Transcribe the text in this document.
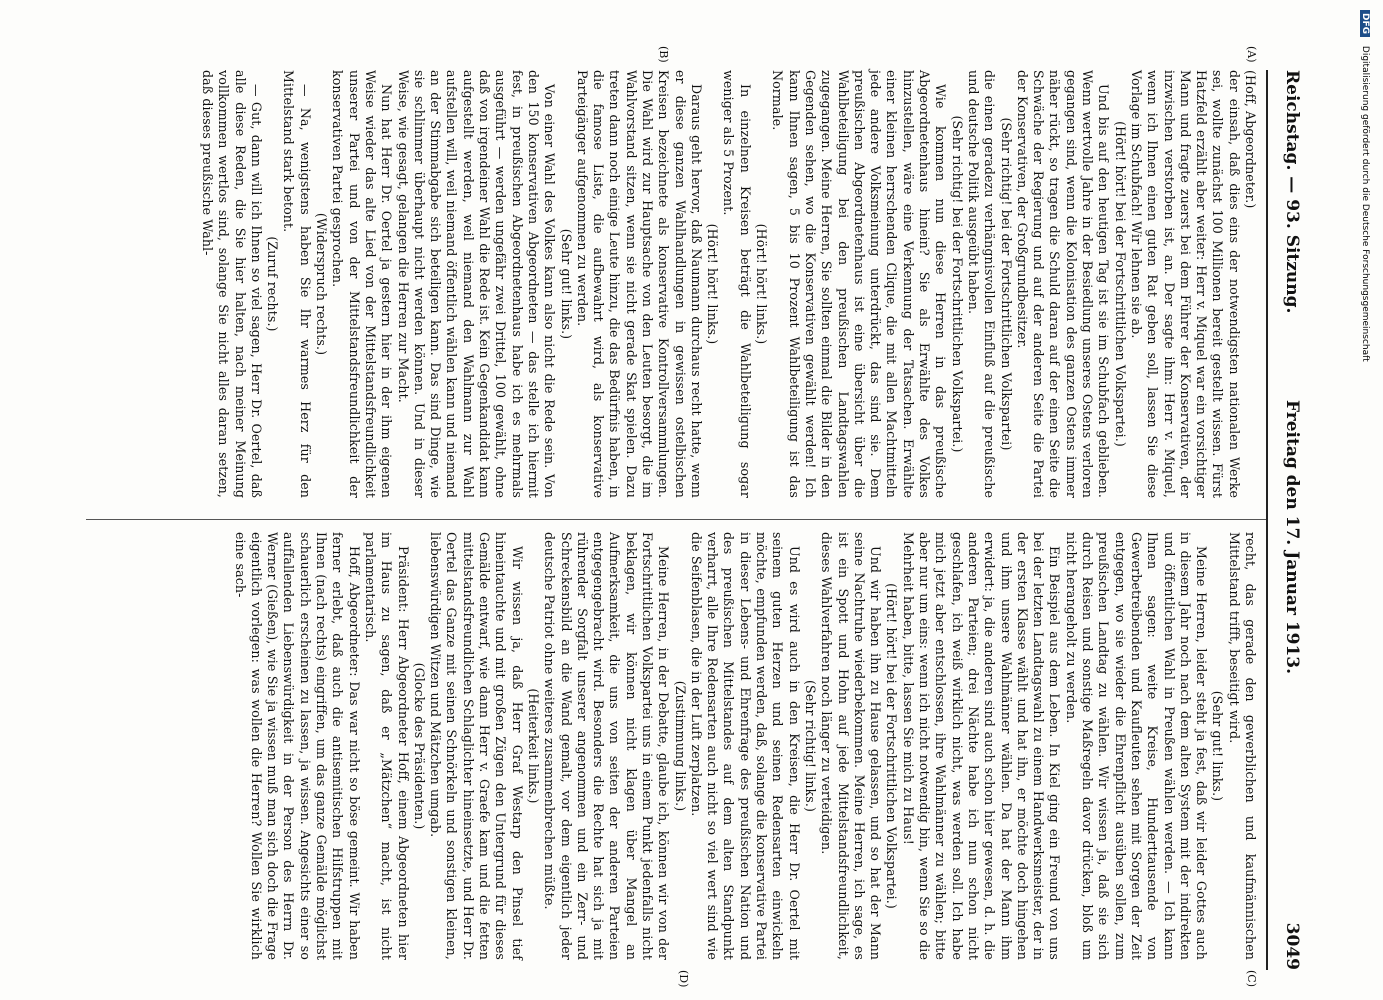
Reichstag. — 93. Sitzung.
Freitag den 17. Januar 1913.
3049
(A)
(B)
(C)
(D)

(Hoff, Abgeordneter.)

der einsah, daß dies eins der notwendigsten nationalen Werke sei, wollte zunächst 100 Millionen bereit gestellt wissen. Fürst Hatzfeld erzählt aber weiter: Herr v. Miquel war ein vorsichtiger Mann und fragte zuerst bei dem Führer der Konservativen, der inzwischen verstorben ist, an. Der sagte ihm: Herr v. Miquel, wenn ich Ihnen einen guten Rat geben soll, lassen Sie diese Vorlage im Schubfach! Wir lehnen sie ab.

(Hört! hört! bei der Fortschrittlichen Volkspartei.)

Und bis auf den heutigen Tag ist sie im Schubfach geblieben. Wenn wertvolle Jahre in der Besiedlung unseres Ostens verloren gegangen sind, wenn die Kolonisation des ganzen Ostens immer näher rückt, so tragen die Schuld daran auf der einen Seite die Schwäche der Regierung und auf der anderen Seite die Partei der Konservativen, der Großgrundbesitzer.

(Sehr richtig! bei der Fortschrittlichen Volkspartei)

die einen geradezu verhängnisvollen Einfluß auf die preußische und deutsche Politik ausgeübt haben.

(Sehr richtig! bei der Fortschrittlichen Volkspartei.)

Wie kommen nun diese Herren in das preußische Abgeordnetenhaus hinein? Sie als Erwählte des Volkes hinzustellen, wäre eine Verkennung der Tatsachen. Erwählte einer kleinen herrschenden Clique, die mit allen Machtmitteln jede andere Volksmeinung unterdrückt, das sind sie. Dem preußischen Abgeordnetenhaus ist eine übersicht über die Wahlbeteiligung bei den preußischen Landtagswahlen zugegangen. Meine Herren, Sie sollten einmal die Bilder in den Gegenden sehen, wo die Konservativen gewählt werden! Ich kann Ihnen sagen, 5 bis 10 Prozent Wahlbeteiligung ist das Normale.

(Hört! hört! links.)

In einzelnen Kreisen beträgt die Wahlbeteiligung sogar weniger als 5 Prozent.

(Hört! hört! links.)

Daraus geht hervor, daß Naumann durchaus recht hatte, wenn er diese ganzen Wahlhandlungen in gewissen ostelbischen Kreisen bezeichnete als konservative Kontrollversammlungen. Die Wahl wird zur Hauptsache von den Leuten besorgt, die im Wahlvorstand sitzen, wenn sie nicht gerade Skat spielen. Dazu treten dann noch einige Leute hinzu, die das Bedürfnis haben, in die famose Liste, die aufbewahrt wird, als konservative Parteigänger aufgenommen zu werden.

(Sehr gut! links.)

Von einer Wahl des Volkes kann also nicht die Rede sein. Von den 150 konservativen Abgeordneten — das stelle ich hiermit fest, in preußischen Abgeordnetenhaus habe ich es mehrmals ausgeführt — werden ungefähr zwei Drittel, 100 gewählt, ohne daß von irgendeiner Wahl die Rede ist. Kein Gegenkandidat kann aufgestellt werden, weil niemand den Wahlmann zur Wahl aufstellen will, weil niemand öffentlich wählen kann und niemand an der Stimmabgabe sich beteiligen kann. Das sind Dinge, wie sie schlimmer überhaupt nicht werden können. Und in dieser Weise, wie gesagt, gelangen die Herren zur Macht.

Nun hat Herr Dr. Oertel ja gestern hier in der ihm eigenen Weise wieder das alte Lied von der Mittelstandsfreundlichkeit unserer Partei und von der Mittelstandsfreundlichkeit der konservativen Partei gesprochen.

(Widerspruch rechts.)

— Na, wenigstens haben Sie Ihr warmes Herz für den Mittelstand stark betont.

(Zuruf rechts.)

— Gut, dann will ich Ihnen so viel sagen, Herr Dr. Oertel, daß alle diese Reden, die Sie hier halten, nach meiner Meinung vollkommen wertlos sind, solange Sie nicht alles daran setzen, daß dieses preußische Wahl-

recht, das gerade den gewerblichen und kaufmännischen Mittelstand trifft, beseitigt wird.

(Sehr gut! links.)

Meine Herren, leider steht ja fest, daß wir leider Gottes auch in diesem Jahr noch nach dem alten System mit der indirekten und öffentlichen Wahl in Preußen wählen werden. — Ich kann Ihnen sagen: weite Kreise, Hunderttausende von Gewerbetreibenden und Kaufleuten sehen mit Sorgen der Zeit entgegen, wo sie wieder die Ehrenpflicht ausüben sollen, zum preußischen Landtag zu wählen. Wir wissen ja, daß sie sich durch Reisen und sonstige Maßregeln davor drücken, bloß um nicht herangeholt zu werden.

Ein Beispiel aus dem Leben. In Kiel ging ein Freund von uns bei der letzten Landtagswahl zu einem Handwerksmeister, der in der ersten Klasse wählt und hat ihn, er möchte doch hingehen und ihm unsere Wahlmänner wählen. Da hat der Mann ihm erwidert: ja, die anderen sind auch schon hier gewesen, d. h. die anderen Parteien; drei Nächte habe ich nun schon nicht geschlafen, ich weiß wirklich nicht, was werden soll. Ich habe mich jetzt aber entschlossen, ihre Wahlmänner zu wählen; bitte aber nur um eins: wenn ich nicht notwendig bin, wenn Sie so die Mehrheit haben, bitte, lassen Sie mich zu Haus!

(Hört! hört! bei der Fortschrittlichen Volkspartei.)

Und wir haben ihn zu Hause gelassen, und so hat der Mann seine Nachtruhe wiederbekommen. Meine Herren, ich sage, es ist ein Spott und Hohn auf jede Mittelstandsfreundlichkeit, dieses Wahlverfahren noch länger zu verteidigen.

(Sehr richtig! links.)

Und es wird auch in den Kreisen, die Herr Dr. Oertel mit seinem guten Herzen und seinen Redensarten einwickeln möchte, empfunden werden, daß, solange die konservative Partei in dieser Lebens- und Ehrenfrage des preußischen Nation und des preußischen Mittelstandes auf dem alten Standpunkt verharrt, alle Ihre Redensarten auch nicht so viel wert sind wie die Seifenblasen, die in der Luft zerplatzen.

(Zustimmung links.)

Meine Herren, in der Debatte, glaube ich, können wir von der Fortschrittlichen Volkspartei uns in einem Punkt jedenfalls nicht beklagen, wir können nicht klagen über Mangel an Aufmerksamkeit, die uns von seiten der anderen Parteien entgegengebracht wird. Besonders die Rechte hat sich ja mit rührender Sorgfalt unserer angenommen und ein Zerr- und Schreckensbild an die Wand gemalt, vor dem eigentlich jeder deutsche Patriot ohne weiteres zusammenbrechen müßte.

(Heiterkeit links.)

Wir wissen ja, daß Herr Graf Westarp den Pinsel tief hineintauchte und mit großen Zügen den Untergrund für dieses Gemälde entwarf, wie dann Herr v. Graefe kam und die fetten mittelstandsfreundlichen Schlaglichter hineinsetzte, und Herr Dr. Oertel das Ganze mit seinen Schnörkeln und sonstigen kleinen, liebenswürdigen Witzen und Mätzchen umgab.

(Glocke des Präsidenten.)

Präsident: Herr Abgeordneter Hoff, einem Abgeordneten hier im Haus zu sagen, daß er „Mätzchen“ macht, ist nicht parlamentarisch.

Hoff, Abgeordneter: Das war nicht so böse gemeint. Wir haben ferner erlebt, daß auch die antisemitischen Hilfstruppen mit Ihnen (nach rechts) eingriffen, um das ganze Gemälde möglichst schauerlich erscheinen zu lassen, ja wissen. Angesichts einer so auffallenden Liebenswürdigkeit in der Person des Herrn Dr. Werner (Gießen), wie Sie ja wissen muß man sich doch die Frage eigentlich vorlegen: was wollen die Herren? Wollen Sie wirklich eine sach-

DFG Digitalisierung gefördert durch die Deutsche Forschungsgemeinschaft
